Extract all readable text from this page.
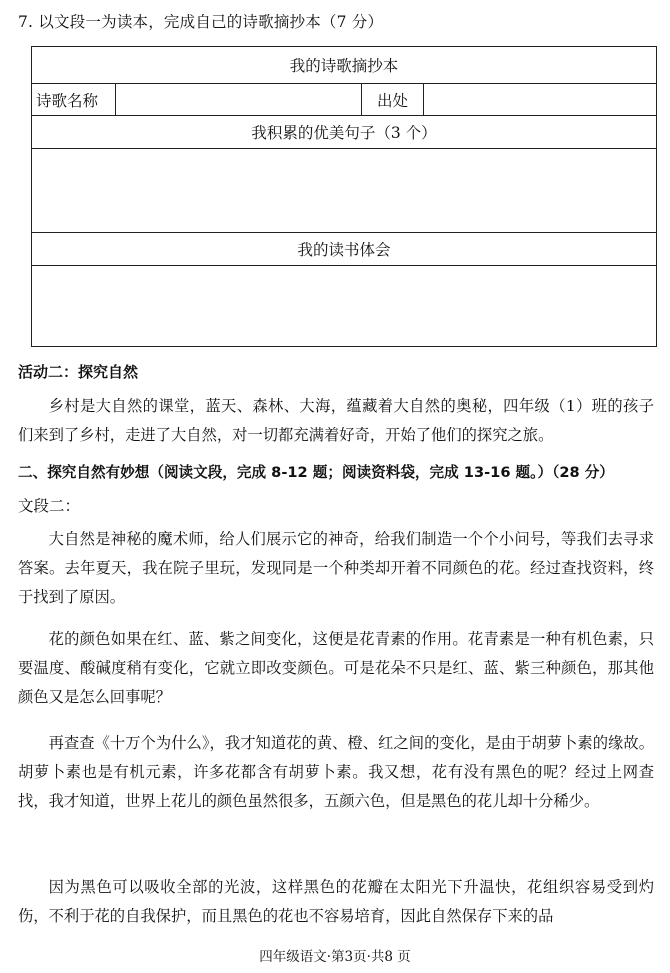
7. 以文段一为读本，完成自己的诗歌摘抄本（7 分）
我的诗歌摘抄本
诗歌名称		出处	
我积累的优美句子（3 个）

我的读书体会

活动二：探究自然

乡村是大自然的课堂，蓝天、森林、大海，蕴藏着大自然的奥秘，四年级（1）班的孩子们来到了乡村，走进了大自然，对一切都充满着好奇，开始了他们的探究之旅。

二、探究自然有妙想（阅读文段，完成 8-12 题；阅读资料袋，完成 13-16 题。）（28 分）
文段二：

大自然是神秘的魔术师，给人们展示它的神奇，给我们制造一个个小问号，等我们去寻求答案。去年夏天，我在院子里玩，发现同是一个种类却开着不同颜色的花。经过查找资料，终于找到了原因。

花的颜色如果在红、蓝、紫之间变化，这便是花青素的作用。花青素是一种有机色素，只要温度、酸碱度稍有变化，它就立即改变颜色。可是花朵不只是红、蓝、紫三种颜色，那其他颜色又是怎么回事呢？

再查查《十万个为什么》，我才知道花的黄、橙、红之间的变化，是由于胡萝卜素的缘故。胡萝卜素也是有机元素，许多花都含有胡萝卜素。我又想，花有没有黑色的呢？经过上网查找，我才知道，世界上花儿的颜色虽然很多，五颜六色，但是黑色的花儿却十分稀少。

因为黑色可以吸收全部的光波，这样黑色的花瓣在太阳光下升温快，花组织容易受到灼伤，不利于花的自我保护，而且黑色的花也不容易培育，因此自然保存下来的品

四年级语文·第3页·共8 页
